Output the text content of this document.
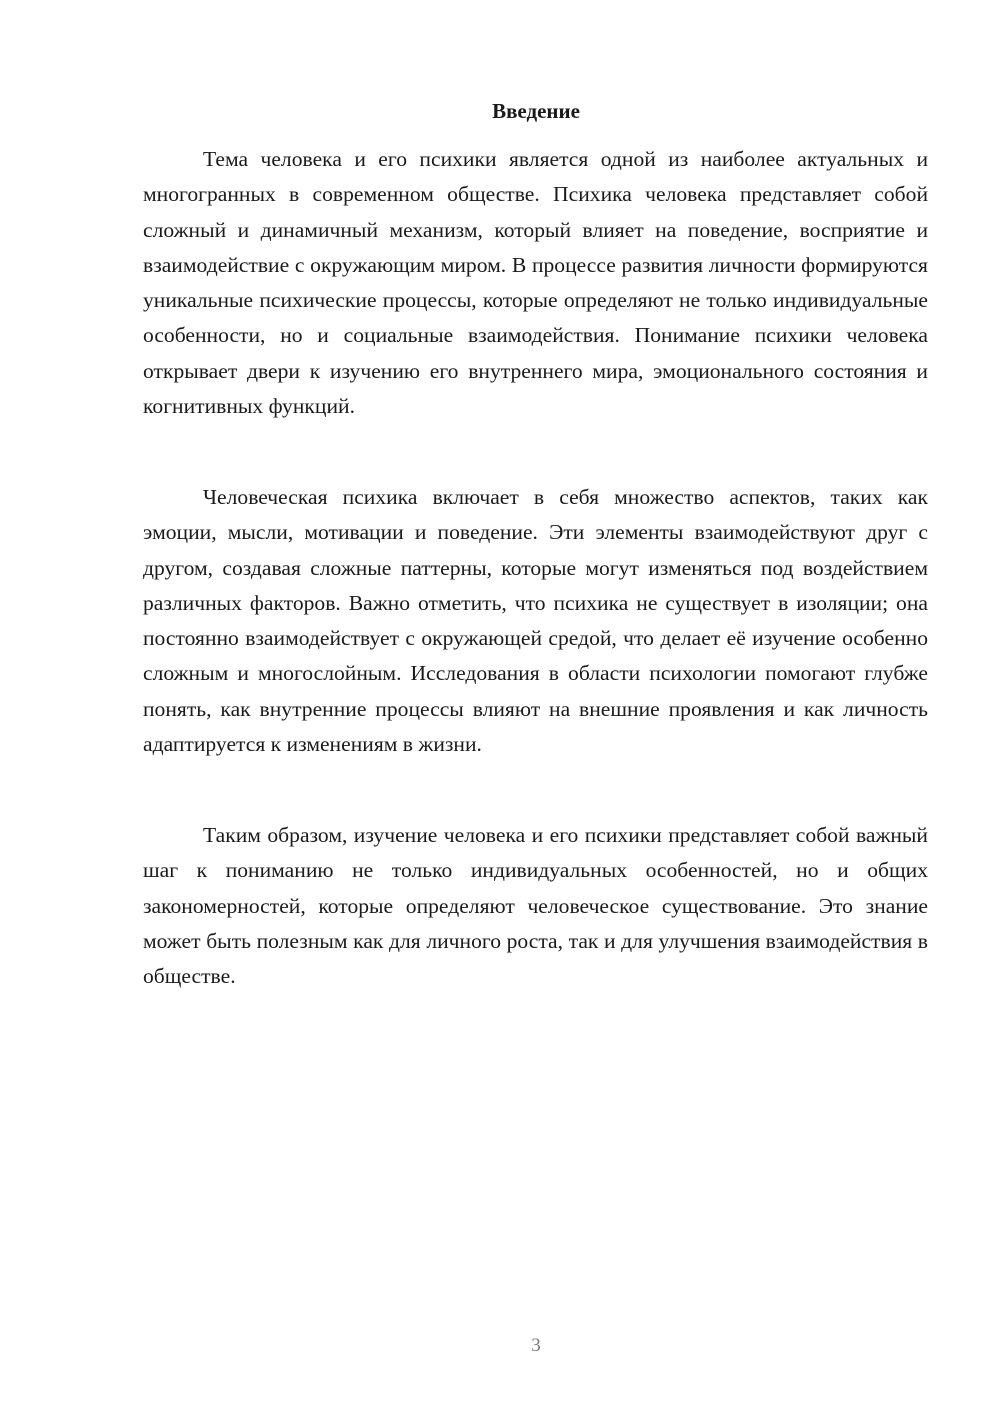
Введение

Тема человека и его психики является одной из наиболее актуальных и многогранных в современном обществе. Психика человека представляет собой сложный и динамичный механизм, который влияет на поведение, восприятие и взаимодействие с окружающим миром. В процессе развития личности формируются уникальные психические процессы, которые определяют не только индивидуальные особенности, но и социальные взаимодействия. Понимание психики человека открывает двери к изучению его внутреннего мира, эмоционального состояния и когнитивных функций.

Человеческая психика включает в себя множество аспектов, таких как эмоции, мысли, мотивации и поведение. Эти элементы взаимодействуют друг с другом, создавая сложные паттерны, которые могут изменяться под воздействием различных факторов. Важно отметить, что психика не существует в изоляции; она постоянно взаимодействует с окружающей средой, что делает её изучение особенно сложным и многослойным. Исследования в области психологии помогают глубже понять, как внутренние процессы влияют на внешние проявления и как личность адаптируется к изменениям в жизни.

Таким образом, изучение человека и его психики представляет собой важный шаг к пониманию не только индивидуальных особенностей, но и общих закономерностей, которые определяют человеческое существование. Это знание может быть полезным как для личного роста, так и для улучшения взаимодействия в обществе.

3
